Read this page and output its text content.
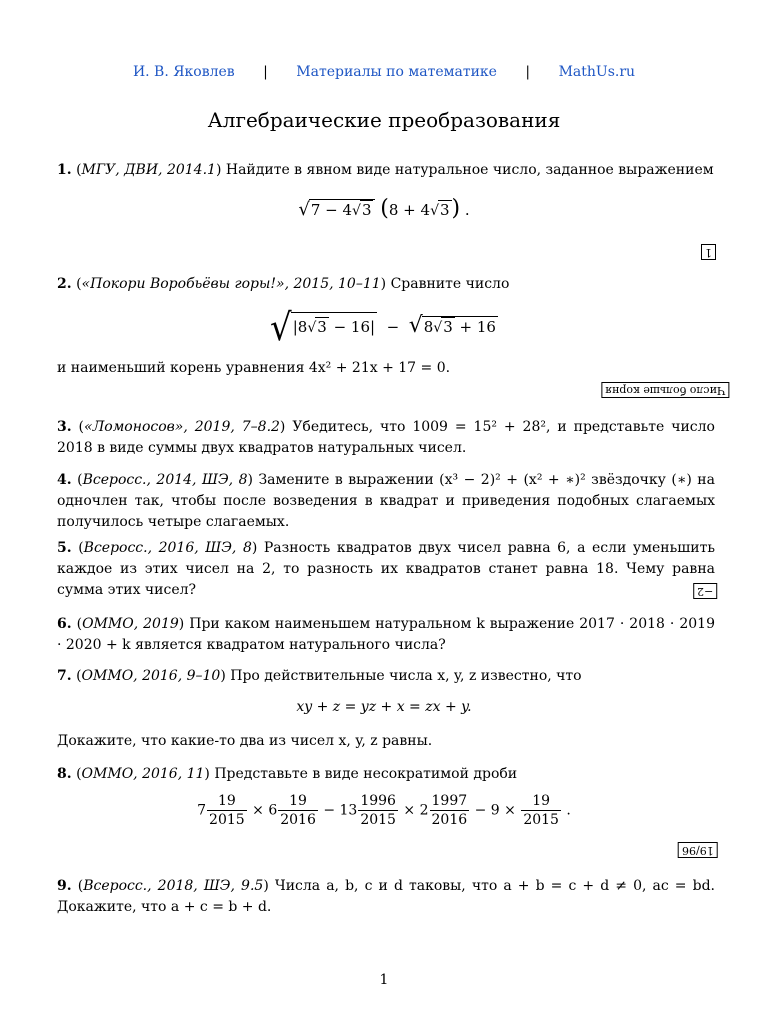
И. В. Яковлев | Материалы по математике | MathUs.ru
Алгебраические преобразования
1. (МГУ, ДВИ, 2014.1) Найдите в явном виде натуральное число, заданное выражением
√7 − 4√3 (8 + 4√3) .
1
2. («Покори Воробьёвы горы!», 2015, 10–11) Сравните число
√|8√3 − 16|  −  √8√3 + 16
и наименьший корень уравнения 4x² + 21x + 17 = 0.
Число больше корня
3. («Ломоносов», 2019, 7–8.2) Убедитесь, что 1009 = 15² + 28², и представьте число 2018 в виде суммы двух квадратов натуральных чисел.
4. (Всеросс., 2014, ШЭ, 8) Замените в выражении (x³ − 2)² + (x² + ∗)² звёздочку (∗) на одночлен так, чтобы после возведения в квадрат и приведения подобных слагаемых получилось четыре слагаемых.
5. (Всеросс., 2016, ШЭ, 8) Разность квадратов двух чисел равна 6, а если уменьшить каждое из этих чисел на 2, то разность их квадратов станет равна 18. Чему равна сумма этих чисел?	−2
6. (ОММО, 2019) При каком наименьшем натуральном k выражение 2017 · 2018 · 2019 · 2020 + k является квадратом натурального числа?
7. (ОММО, 2016, 9–10) Про действительные числа x, y, z известно, что
xy + z = yz + x = zx + y.
Докажите, что какие-то два из чисел x, y, z равны.
8. (ОММО, 2016, 11) Представьте в виде несократимой дроби
$7 \frac{19}{2015} \times 6 \frac{19}{2016} - 13 \frac{1996}{2015} \times 2 \frac{1997}{2016} - 9 \times \frac{19}{2015}$ .
19/96
9. (Всеросс., 2018, ШЭ, 9.5) Числа a, b, c и d таковы, что a + b = c + d ≠ 0, ac = bd. Докажите, что a + c = b + d.
1
